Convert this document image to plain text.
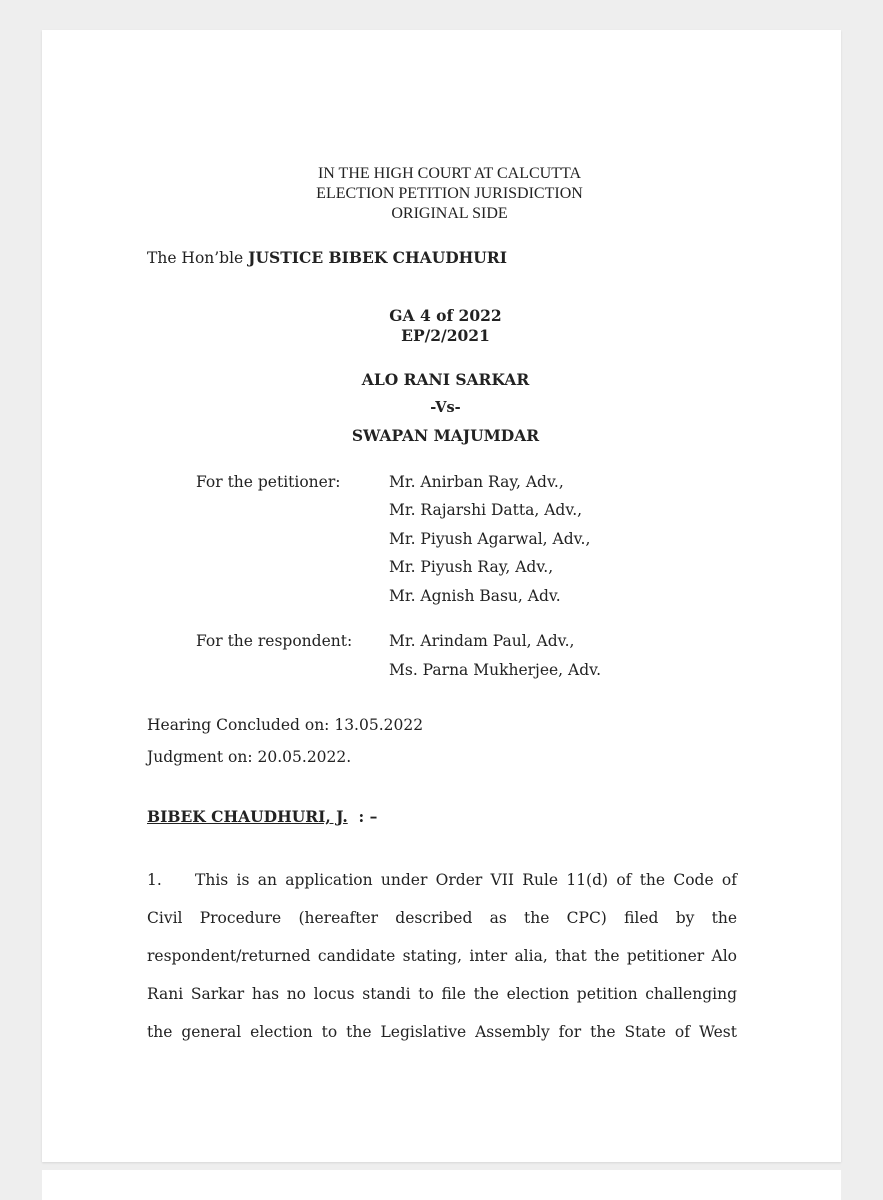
IN THE HIGH COURT AT CALCUTTA
ELECTION PETITION JURISDICTION
ORIGINAL SIDE
The Hon’ble JUSTICE BIBEK CHAUDHURI
GA 4 of 2022
EP/2/2021
ALO RANI SARKAR
-Vs-
SWAPAN MAJUMDAR
For the petitioner:	Mr. Anirban Ray, Adv.,
Mr. Rajarshi Datta, Adv.,
Mr. Piyush Agarwal, Adv.,
Mr. Piyush Ray, Adv.,
Mr. Agnish Basu, Adv.
For the respondent: Mr. Arindam Paul, Adv.,
Ms. Parna Mukherjee, Adv.
Hearing Concluded on: 13.05.2022
Judgment on: 20.05.2022.
BIBEK CHAUDHURI, J.  : –
1. This is an application under Order VII Rule 11(d) of the Code of
Civil Procedure (hereafter described as the CPC) filed by the
respondent/returned candidate stating, inter alia, that the petitioner Alo
Rani Sarkar has no locus standi to file the election petition challenging
the general election to the Legislative Assembly for the State of West
